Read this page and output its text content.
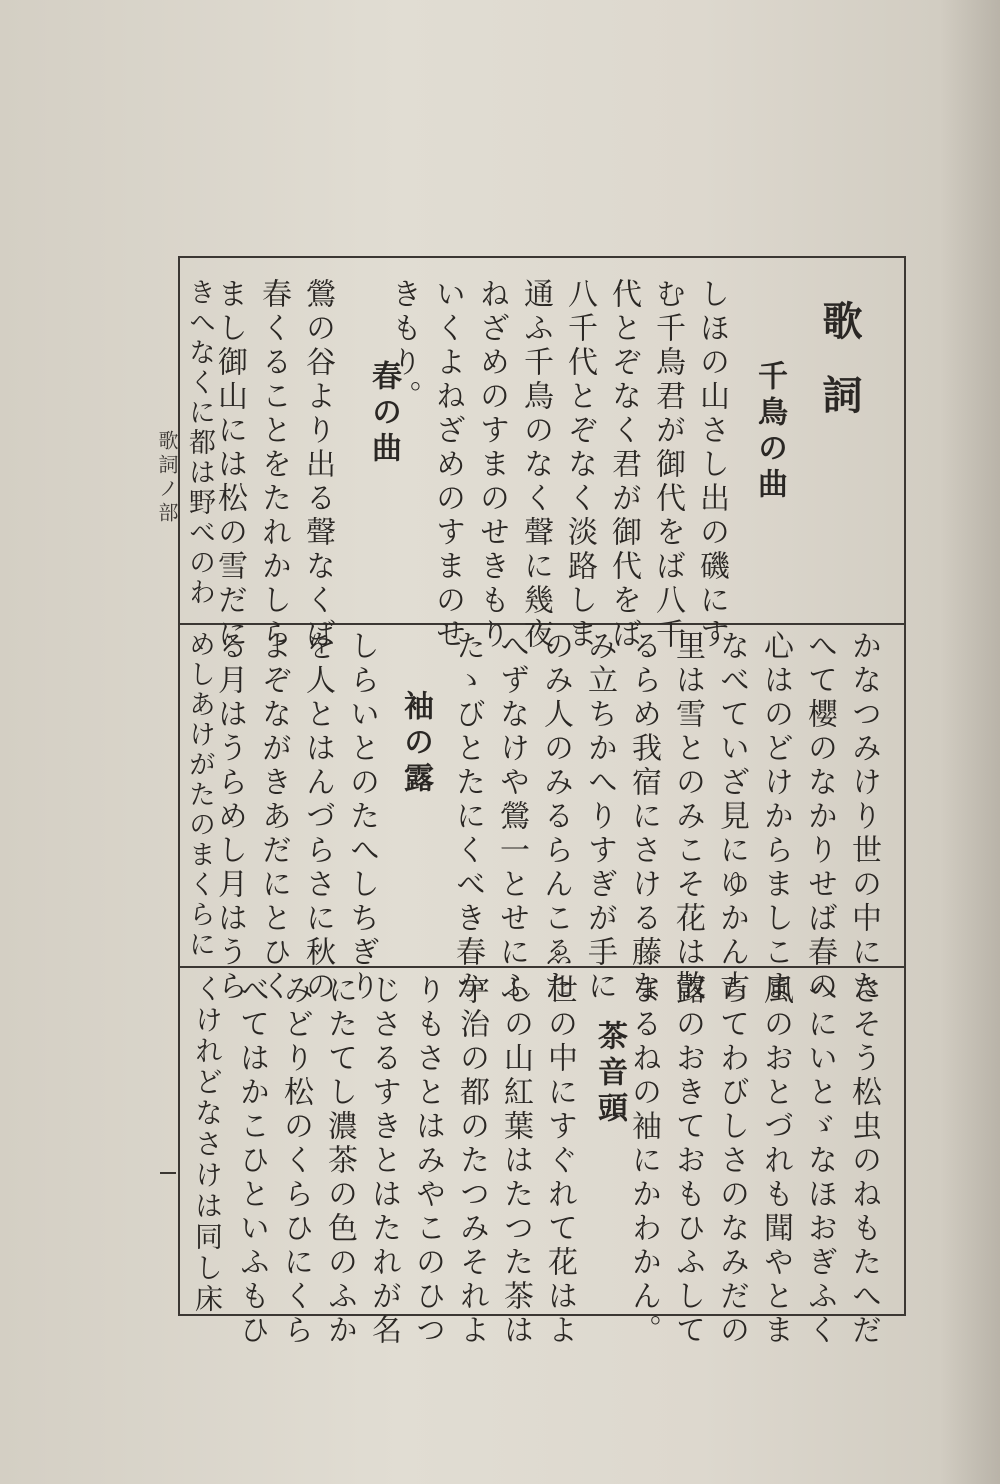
歌詞ノ部
歌詞
千鳥の曲
しほの山さし出の磯にす
む千鳥君が御代をば八千
代とぞなく君が御代をば
八千代とぞなく淡路しま
通ふ千鳥のなく聲に幾夜
ねざめのすまのせきもり
いくよねざめのすまのせ
きもり。
春の曲
鶯の谷より出る聲なくば
春くることをたれかしら
まし御山には松の雪だに
きへなくに都は野べのわ
かなつみけり世の中にた
へて櫻のなかりせば春の
心はのどけからましこま
なべていざ見にゆかん古
里は雪とのみこそ花は散
るらめ我宿にさける藤な
み立ちかへりすぎが手に
のみ人のみるらんこゑた
へずなけや鶯一とせにふ
たゝびとたにくべき春か
袖の露
しらいとのたへしちぎり
を人とはんづらさに秋の
よぞながきあだにとひく
る月はうらめし月はうら
めしあけがたのまくらに
さそう松虫のねもたへだ
へにいとゞなほおぎふく
風のおとづれも聞やとま
ちてわびしさのなみだの
露のおきておもひふして
まるねの袖にかわかん。
茶音頭
世の中にすぐれて花はよ
しの山紅葉はたつた茶は
宇治の都のたつみそれよ
りもさとはみやこのひつ
じさるすきとはたれが名
にたてし濃茶の色のふか
みどり松のくらひにくら
べてはかこひといふもひ
くけれどなさけは同し床
